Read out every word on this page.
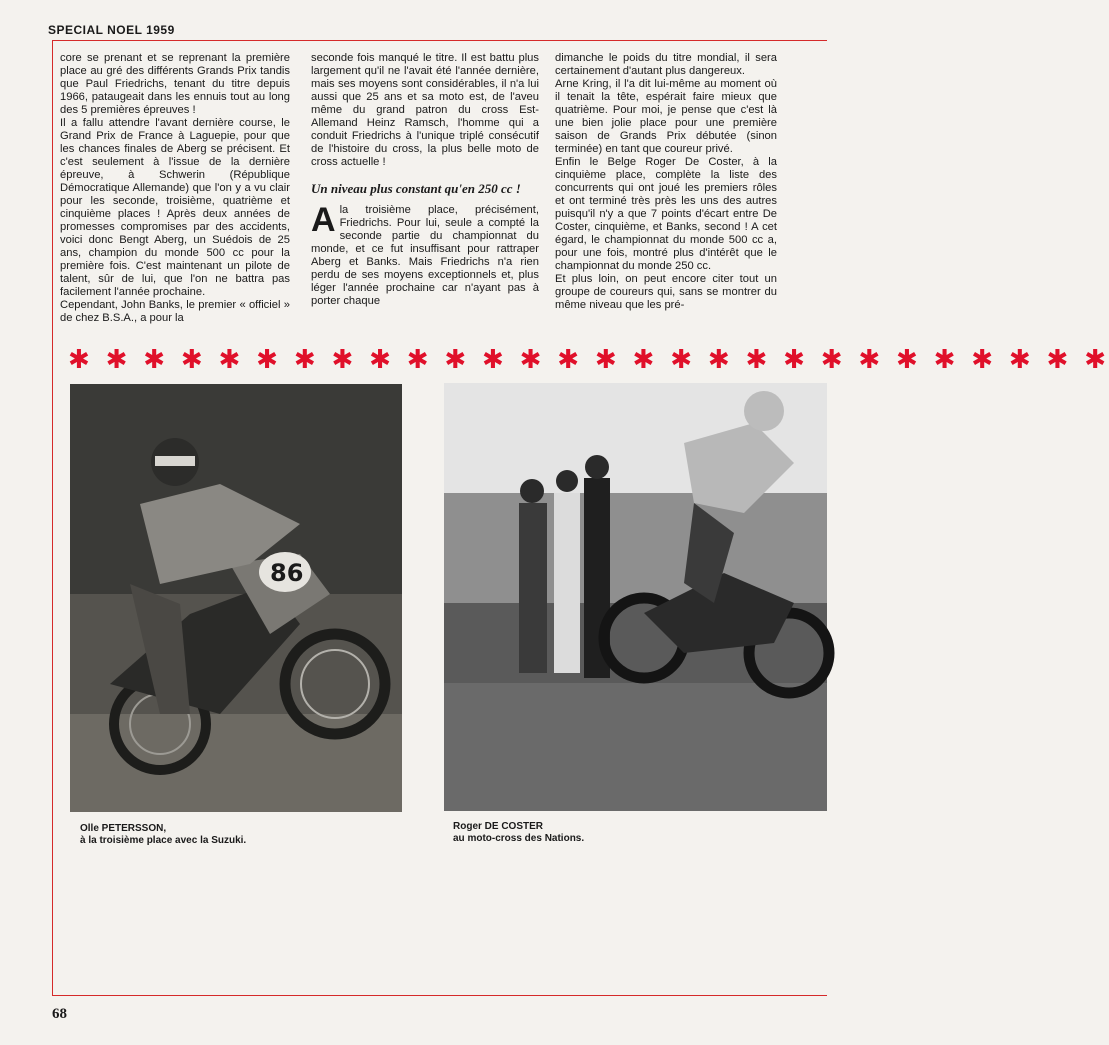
SPECIAL NOEL 1959

core se prenant et se reprenant la première place au gré des différents Grands Prix tandis que Paul Friedrichs, tenant du titre depuis 1966, pataugeait dans les ennuis tout au long des 5 premières épreuves !

Il a fallu attendre l'avant dernière course, le Grand Prix de France à Laguepie, pour que les chances finales de Aberg se précisent. Et c'est seulement à l'issue de la dernière épreuve, à Schwerin (République Démocratique Allemande) que l'on y a vu clair pour les seconde, troisième, quatrième et cinquième places ! Après deux années de promesses compromises par des accidents, voici donc Bengt Aberg, un Suédois de 25 ans, champion du monde 500 cc pour la première fois. C'est maintenant un pilote de talent, sûr de lui, que l'on ne battra pas facilement l'année prochaine.

Cependant, John Banks, le premier « officiel » de chez B.S.A., a pour la

seconde fois manqué le titre. Il est battu plus largement qu'il ne l'avait été l'année dernière, mais ses moyens sont considérables, il n'a lui aussi que 25 ans et sa moto est, de l'aveu même du grand patron du cross Est-Allemand Heinz Ramsch, l'homme qui a conduit Friedrichs à l'unique triplé consécutif de l'histoire du cross, la plus belle moto de cross actuelle !

Un niveau plus constant qu'en 250 cc !

Ala troisième place, précisément, Friedrichs. Pour lui, seule a compté la seconde partie du championnat du monde, et ce fut insuffisant pour rattraper Aberg et Banks. Mais Friedrichs n'a rien perdu de ses moyens exceptionnels et, plus léger l'année prochaine car n'ayant pas à porter chaque

dimanche le poids du titre mondial, il sera certainement d'autant plus dangereux.

Arne Kring, il l'a dit lui-même au moment où il tenait la tête, espérait faire mieux que quatrième. Pour moi, je pense que c'est là une bien jolie place pour une première saison de Grands Prix débutée (sinon terminée) en tant que coureur privé.

Enfin le Belge Roger De Coster, à la cinquième place, complète la liste des concurrents qui ont joué les premiers rôles et ont terminé très près les uns des autres puisqu'il n'y a que 7 points d'écart entre De Coster, cinquième, et Banks, second ! A cet égard, le championnat du monde 500 cc a, pour une fois, montré plus d'intérêt que le championnat du monde 250 cc.

Et plus loin, on peut encore citer tout un groupe de coureurs qui, sans se montrer du même niveau que les pré-

✱ ✱ ✱ ✱ ✱ ✱ ✱ ✱ ✱ ✱ ✱ ✱ ✱ ✱ ✱ ✱ ✱ ✱ ✱ ✱ ✱ ✱ ✱ ✱ ✱ ✱ ✱ ✱
86
Olle PETERSSON,
à la troisième place avec la Suzuki.
Roger DE COSTER
au moto-cross des Nations.
68
